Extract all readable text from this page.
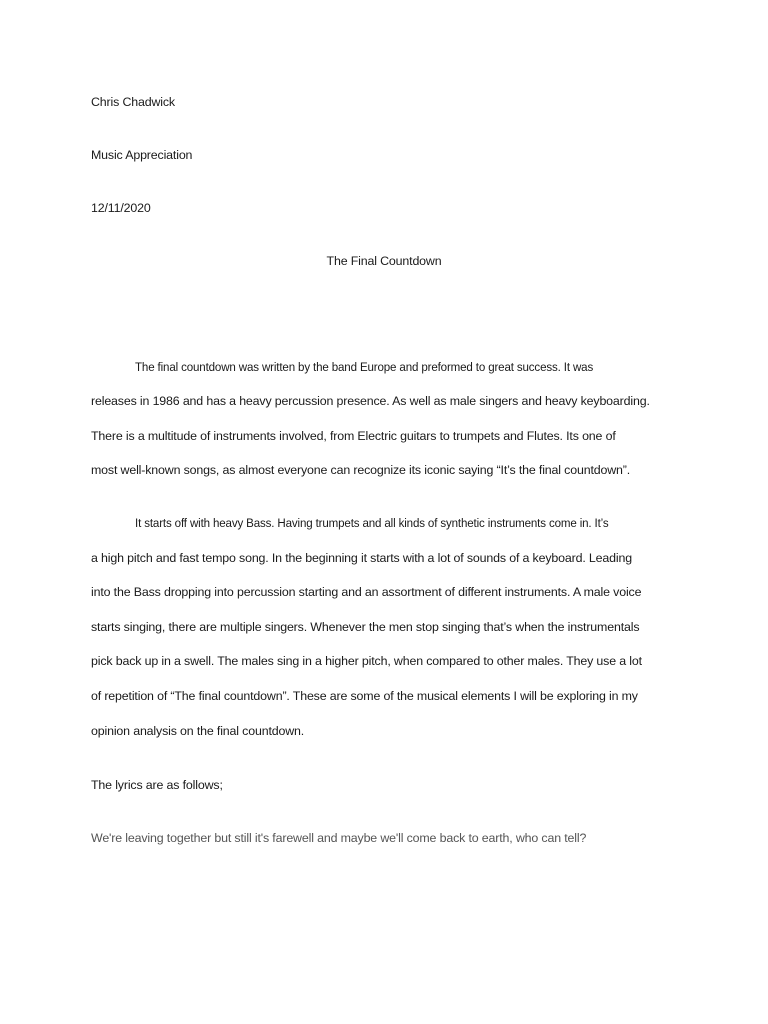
Chris Chadwick
Music Appreciation
12/11/2020
The Final Countdown
The final countdown was written by the band Europe and preformed to great success. It was
releases in 1986 and has a heavy percussion presence. As well as male singers and heavy keyboarding.
There is a multitude of instruments involved, from Electric guitars to trumpets and Flutes. Its one of
most well-known songs, as almost everyone can recognize its iconic saying “It’s the final countdown”.
It starts off with heavy Bass. Having trumpets and all kinds of synthetic instruments come in. It’s
a high pitch and fast tempo song. In the beginning it starts with a lot of sounds of a keyboard. Leading
into the Bass dropping into percussion starting and an assortment of different instruments. A male voice
starts singing, there are multiple singers. Whenever the men stop singing that’s when the instrumentals
pick back up in a swell. The males sing in a higher pitch, when compared to other males. They use a lot
of repetition of “The final countdown”. These are some of the musical elements I will be exploring in my
opinion analysis on the final countdown.
The lyrics are as follows;
We're leaving together but still it's farewell and maybe we'll come back to earth, who can tell?
